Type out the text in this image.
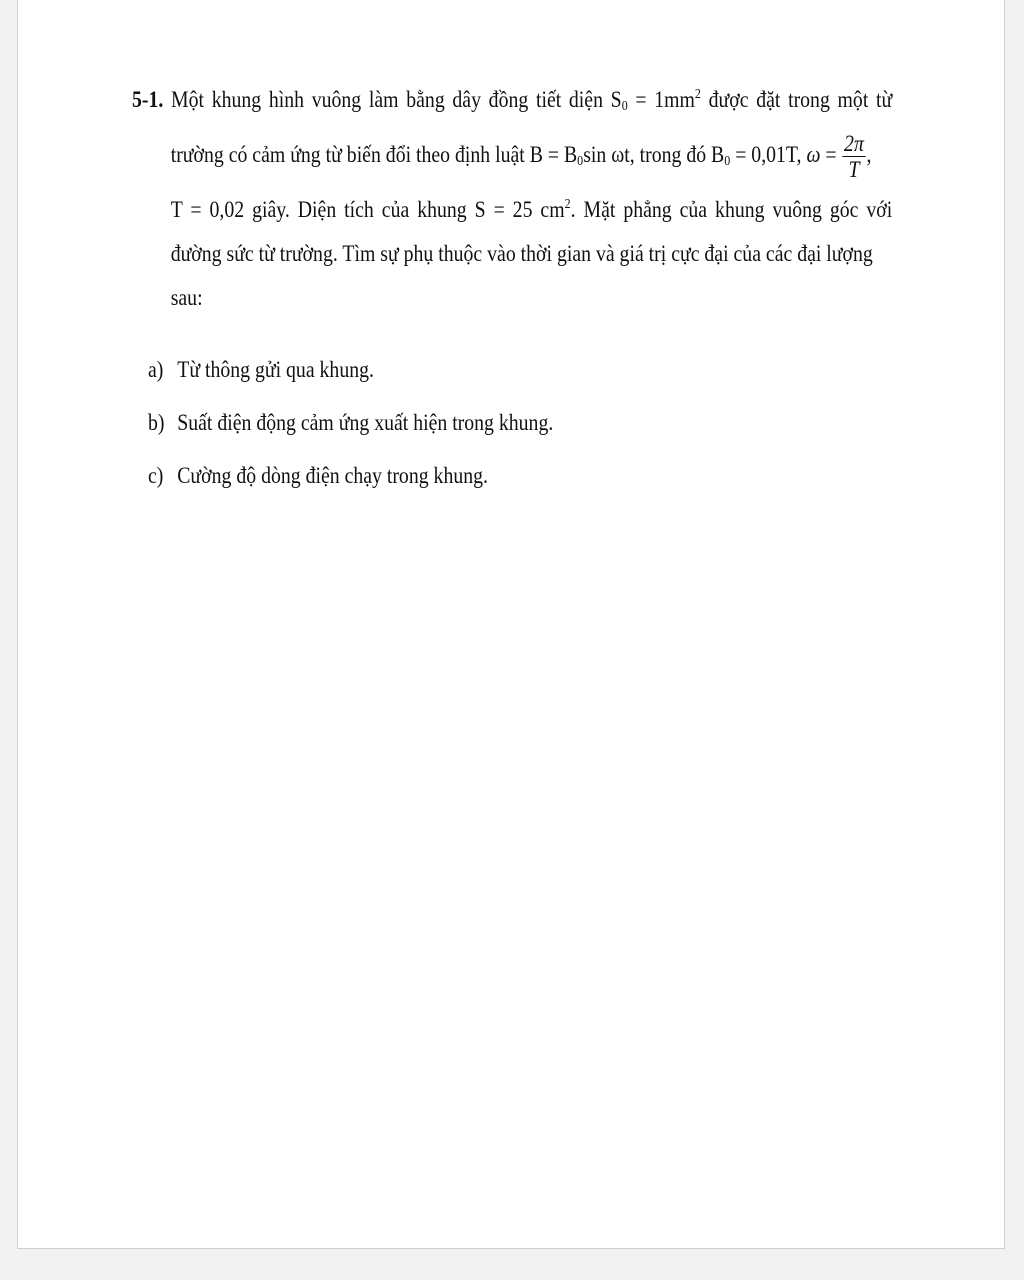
5-1. Một khung hình vuông làm bằng dây đồng tiết diện $S_0 = 1mm^2$ được đặt trong một từ
trường có cảm ứng từ biến đổi theo định luật $B = B_0\sin$ ωt, trong đó $B_0 = 0,01T$, $\omega = \frac{2\pi}{T}$ ,
T = 0,02 giây. Diện tích của khung S = 25 $cm^2$. Mặt phẳng của khung vuông góc với
đường sức từ trường. Tìm sự phụ thuộc vào thời gian và giá trị cực đại của các đại lượng
sau:
a) Từ thông gửi qua khung.
b) Suất điện động cảm ứng xuất hiện trong khung.
c) Cường độ dòng điện chạy trong khung.
